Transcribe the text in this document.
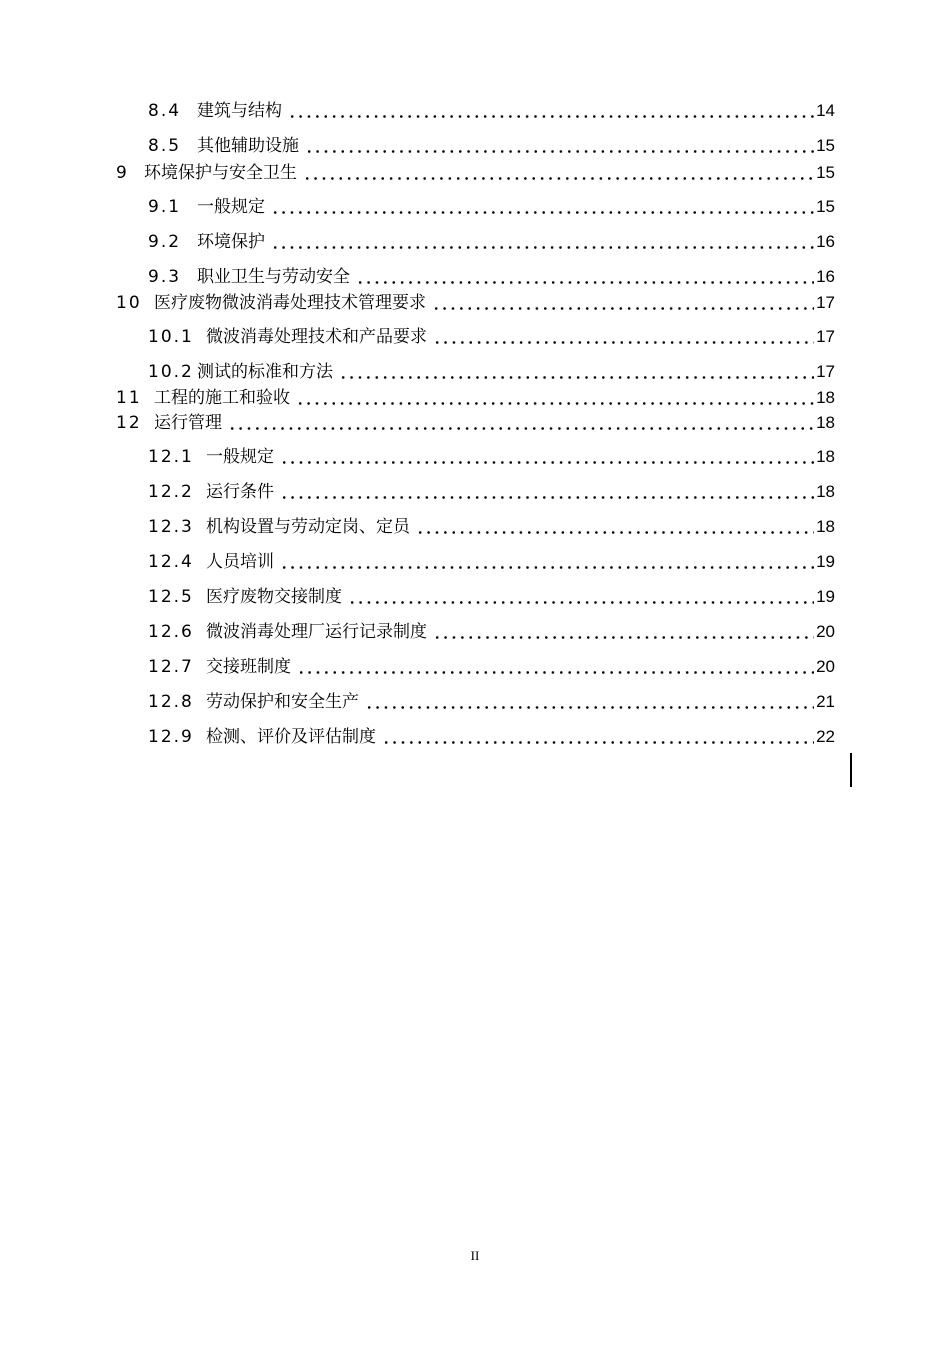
8.4 建筑与结构	14
8.5 其他辅助设施	15
9 环境保护与安全卫生	15
9.1 一般规定	15
9.2 环境保护	16
9.3 职业卫生与劳动安全	16
10 医疗废物微波消毒处理技术管理要求	17
10.1 微波消毒处理技术和产品要求	17
10.2 测试的标准和方法	17
11 工程的施工和验收	18
12 运行管理	18
12.1 一般规定	18
12.2 运行条件	18
12.3 机构设置与劳动定岗、定员	18
12.4 人员培训	19
12.5 医疗废物交接制度	19
12.6 微波消毒处理厂运行记录制度	20
12.7 交接班制度	20
12.8 劳动保护和安全生产	21
12.9 检测、评价及评估制度	22
II
